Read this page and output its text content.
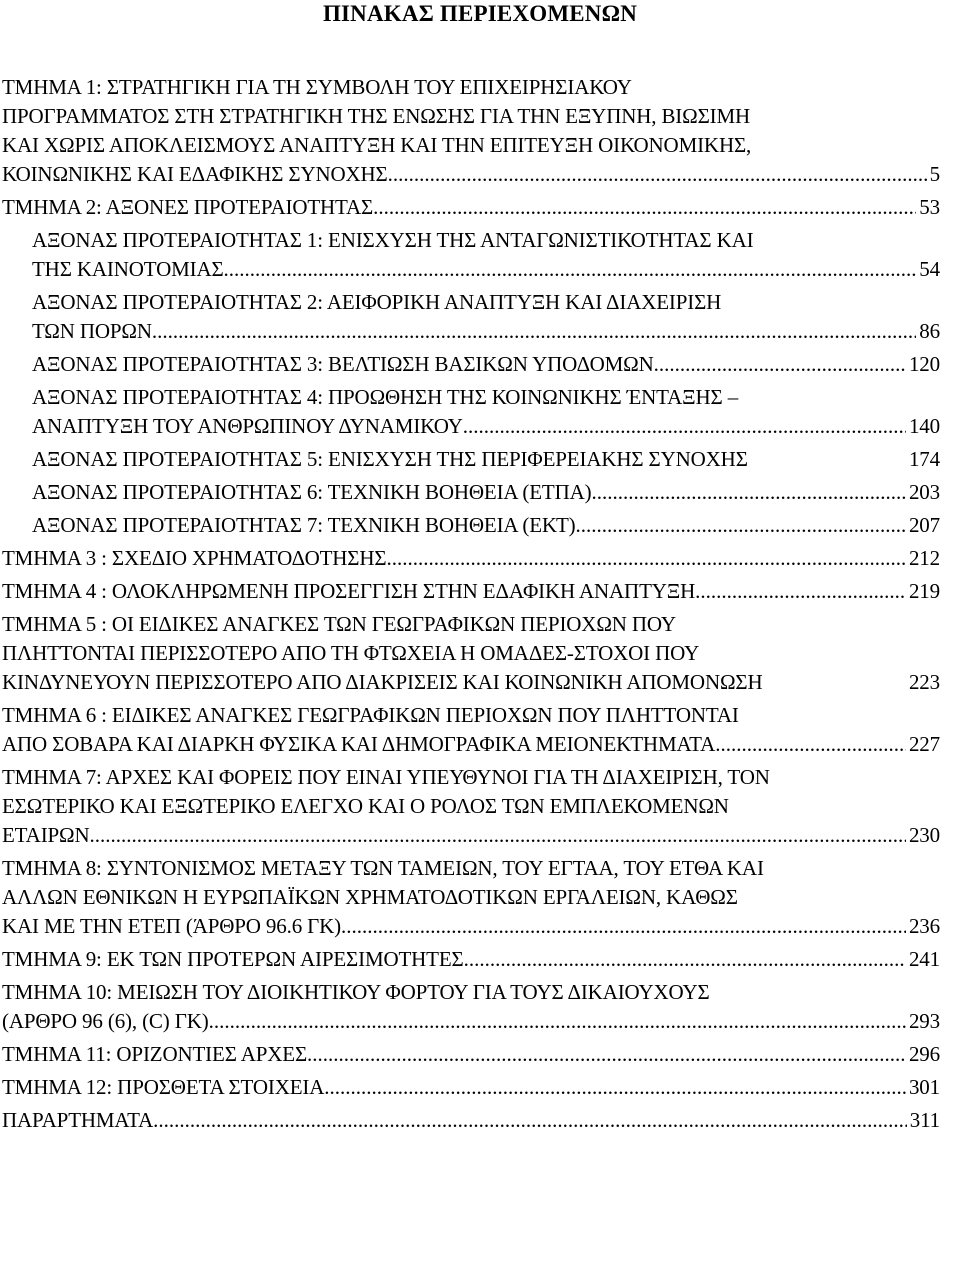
ΠΙΝΑΚΑΣ ΠΕΡΙΕΧΟΜΕΝΩΝ
ΤΜΗΜΑ 1: ΣΤΡΑΤΗΓΙΚΗ ΓΙΑ ΤΗ ΣΥΜΒΟΛΗ ΤΟΥ ΕΠΙΧΕΙΡΗΣΙΑΚΟΥ
ΠΡΟΓΡΑΜΜΑΤΟΣ ΣΤΗ ΣΤΡΑΤΗΓΙΚΗ ΤΗΣ ΕΝΩΣΗΣ ΓΙΑ ΤΗΝ ΕΞΥΠΝΗ, ΒΙΩΣΙΜΗ
ΚΑΙ ΧΩΡΙΣ ΑΠΟΚΛΕΙΣΜΟΥΣ ΑΝΑΠΤΥΞΗ ΚΑΙ ΤΗΝ ΕΠΙΤΕΥΞΗ ΟΙΚΟΝΟΜΙΚΗΣ,
ΚΟΙΝΩΝΙΚΗΣ ΚΑΙ ΕΔΑΦΙΚΗΣ ΣΥΝΟΧΗΣ .....	5
ΤΜΗΜΑ 2: ΑΞΟΝΕΣ ΠΡΟΤΕΡΑΙΟΤΗΤΑΣ .....	53
ΑΞΟΝΑΣ ΠΡΟΤΕΡΑΙΟΤΗΤΑΣ 1: ΕΝΙΣΧΥΣΗ ΤΗΣ ΑΝΤΑΓΩΝΙΣΤΙΚΟΤΗΤΑΣ ΚΑΙ
ΤΗΣ ΚΑΙΝΟΤΟΜΙΑΣ .....	54
ΑΞΟΝΑΣ ΠΡΟΤΕΡΑΙΟΤΗΤΑΣ 2: ΑΕΙΦΟΡΙΚΗ ΑΝΑΠΤΥΞΗ ΚΑΙ ΔΙΑΧΕΙΡΙΣΗ
ΤΩΝ ΠΟΡΩΝ .....	86
ΑΞΟΝΑΣ ΠΡΟΤΕΡΑΙΟΤΗΤΑΣ 3: ΒΕΛΤΙΩΣΗ ΒΑΣΙΚΩΝ ΥΠΟΔΟΜΩΝ .....	120
ΑΞΟΝΑΣ ΠΡΟΤΕΡΑΙΟΤΗΤΑΣ 4: ΠΡΟΩΘΗΣΗ ΤΗΣ ΚΟΙΝΩΝΙΚΗΣ ΈΝΤΑΞΗΣ –
ΑΝΑΠΤΥΞΗ ΤΟΥ ΑΝΘΡΩΠΙΝΟΥ ΔΥΝΑΜΙΚΟΥ .....	140
ΑΞΟΝΑΣ ΠΡΟΤΕΡΑΙΟΤΗΤΑΣ 5: ΕΝΙΣΧΥΣΗ ΤΗΣ ΠΕΡΙΦΕΡΕΙΑΚΗΣ ΣΥΝΟΧΗΣ	174
ΑΞΟΝΑΣ ΠΡΟΤΕΡΑΙΟΤΗΤΑΣ 6: ΤΕΧΝΙΚΗ ΒΟΗΘΕΙΑ (ΕΤΠΑ) .....	203
ΑΞΟΝΑΣ ΠΡΟΤΕΡΑΙΟΤΗΤΑΣ 7: ΤΕΧΝΙΚΗ ΒΟΗΘΕΙΑ (ΕΚΤ) .....	207
ΤΜΗΜΑ 3 : ΣΧΕΔΙΟ ΧΡΗΜΑΤΟΔΟΤΗΣΗΣ .....	212
ΤΜΗΜΑ 4 : ΟΛΟΚΛΗΡΩΜΕΝΗ ΠΡΟΣΕΓΓΙΣΗ ΣΤΗΝ ΕΔΑΦΙΚΗ ΑΝΑΠΤΥΞΗ .....	219
ΤΜΗΜΑ 5 : ΟΙ ΕΙΔΙΚΕΣ ΑΝΑΓΚΕΣ ΤΩΝ ΓΕΩΓΡΑΦΙΚΩΝ ΠΕΡΙΟΧΩΝ ΠΟΥ
ΠΛΗΤΤΟΝΤΑΙ ΠΕΡΙΣΣΟΤΕΡΟ ΑΠΟ ΤΗ ΦΤΩΧΕΙΑ Η ΟΜΑΔΕΣ-ΣΤΟΧΟΙ ΠΟΥ
ΚΙΝΔΥΝΕΥΟΥΝ ΠΕΡΙΣΣΟΤΕΡΟ ΑΠΟ ΔΙΑΚΡΙΣΕΙΣ ΚΑΙ ΚΟΙΝΩΝΙΚΗ ΑΠΟΜΟΝΩΣΗ	223
ΤΜΗΜΑ 6 : ΕΙΔΙΚΕΣ ΑΝΑΓΚΕΣ ΓΕΩΓΡΑΦΙΚΩΝ ΠΕΡΙΟΧΩΝ ΠΟΥ ΠΛΗΤΤΟΝΤΑΙ
ΑΠΟ ΣΟΒΑΡΑ ΚΑΙ ΔΙΑΡΚΗ ΦΥΣΙΚΑ ΚΑΙ ΔΗΜΟΓΡΑΦΙΚΑ ΜΕΙΟΝΕΚΤΗΜΑΤΑ .....	227
ΤΜΗΜΑ 7: ΑΡΧΕΣ ΚΑΙ ΦΟΡΕΙΣ ΠΟΥ ΕΙΝΑΙ ΥΠΕΥΘΥΝΟΙ ΓΙΑ ΤΗ ΔΙΑΧΕΙΡΙΣΗ, ΤΟΝ
ΕΣΩΤΕΡΙΚΟ ΚΑΙ ΕΞΩΤΕΡΙΚΟ ΕΛΕΓΧΟ ΚΑΙ Ο ΡΟΛΟΣ ΤΩΝ ΕΜΠΛΕΚΟΜΕΝΩΝ
ΕΤΑΙΡΩΝ .....	230
ΤΜΗΜΑ 8: ΣΥΝΤΟΝΙΣΜΟΣ ΜΕΤΑΞΥ ΤΩΝ ΤΑΜΕΙΩΝ, ΤΟΥ ΕΓΤΑΑ, ΤΟΥ ΕΤΘΑ ΚΑΙ
ΑΛΛΩΝ ΕΘΝΙΚΩΝ Η ΕΥΡΩΠΑΪΚΩΝ ΧΡΗΜΑΤΟΔΟΤΙΚΩΝ ΕΡΓΑΛΕΙΩΝ, ΚΑΘΩΣ
ΚΑΙ ΜΕ ΤΗΝ ΕΤΕΠ (ΆΡΘΡΟ 96.6 ΓΚ) .....	236
ΤΜΗΜΑ 9: ΕΚ ΤΩΝ ΠΡΟΤΕΡΩΝ ΑΙΡΕΣΙΜΟΤΗΤΕΣ .....	241
ΤΜΗΜΑ 10: ΜΕΙΩΣΗ ΤΟΥ ΔΙΟΙΚΗΤΙΚΟΥ ΦΟΡΤΟΥ ΓΙΑ ΤΟΥΣ ΔΙΚΑΙΟΥΧΟΥΣ
(ΑΡΘΡΟ 96 (6), (C) ΓΚ) .....	293
ΤΜΗΜΑ 11: ΟΡΙΖΟΝΤΙΕΣ ΑΡΧΕΣ .....	296
ΤΜΗΜΑ 12: ΠΡΟΣΘΕΤΑ ΣΤΟΙΧΕΙΑ .....	301
ΠΑΡΑΡΤΗΜΑΤΑ .....	311
